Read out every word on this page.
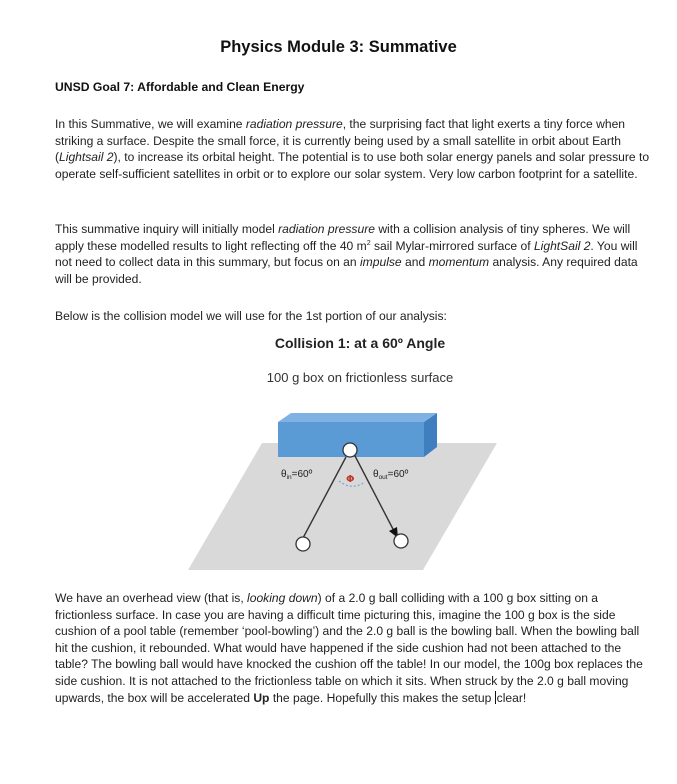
Physics Module 3: Summative
UNSD Goal 7: Affordable and Clean Energy

In this Summative, we will examine radiation pressure, the surprising fact that light exerts a tiny force when striking a surface. Despite the small force, it is currently being used by a small satellite in orbit about Earth (Lightsail 2), to increase its orbital height. The potential is to use both solar energy panels and solar pressure to operate self-sufficient satellites in orbit or to explore our solar system. Very low carbon footprint for a satellite.

This summative inquiry will initially model radiation pressure with a collision analysis of tiny spheres. We will apply these modelled results to light reflecting off the 40 $m^2$ sail Mylar-mirrored surface of LightSail 2. You will not need to collect data in this summary, but focus on an impulse and momentum analysis. Any required data will be provided.

Below is the collision model we will use for the 1st portion of our analysis:

Collision 1: at a 60º Angle
100 g box on frictionless surface
$\theta_{in}=60º$	Φ $\theta_{out}=60º$

We have an overhead view (that is, looking down) of a 2.0 g ball colliding with a 100 g box sitting on a frictionless surface. In case you are having a difficult time picturing this, imagine the 100 g box is the side cushion of a pool table (remember ‘pool-bowling’) and the 2.0 g ball is the bowling ball. When the bowling ball hit the cushion, it rebounded. What would have happened if the side cushion had not been attached to the table? The bowling ball would have knocked the cushion off the table! In our model, the 100g box replaces the side cushion. It is not attached to the frictionless table on which it sits. When struck by the 2.0 g ball moving upwards, the box will be accelerated Up the page. Hopefully this makes the setup clear!
